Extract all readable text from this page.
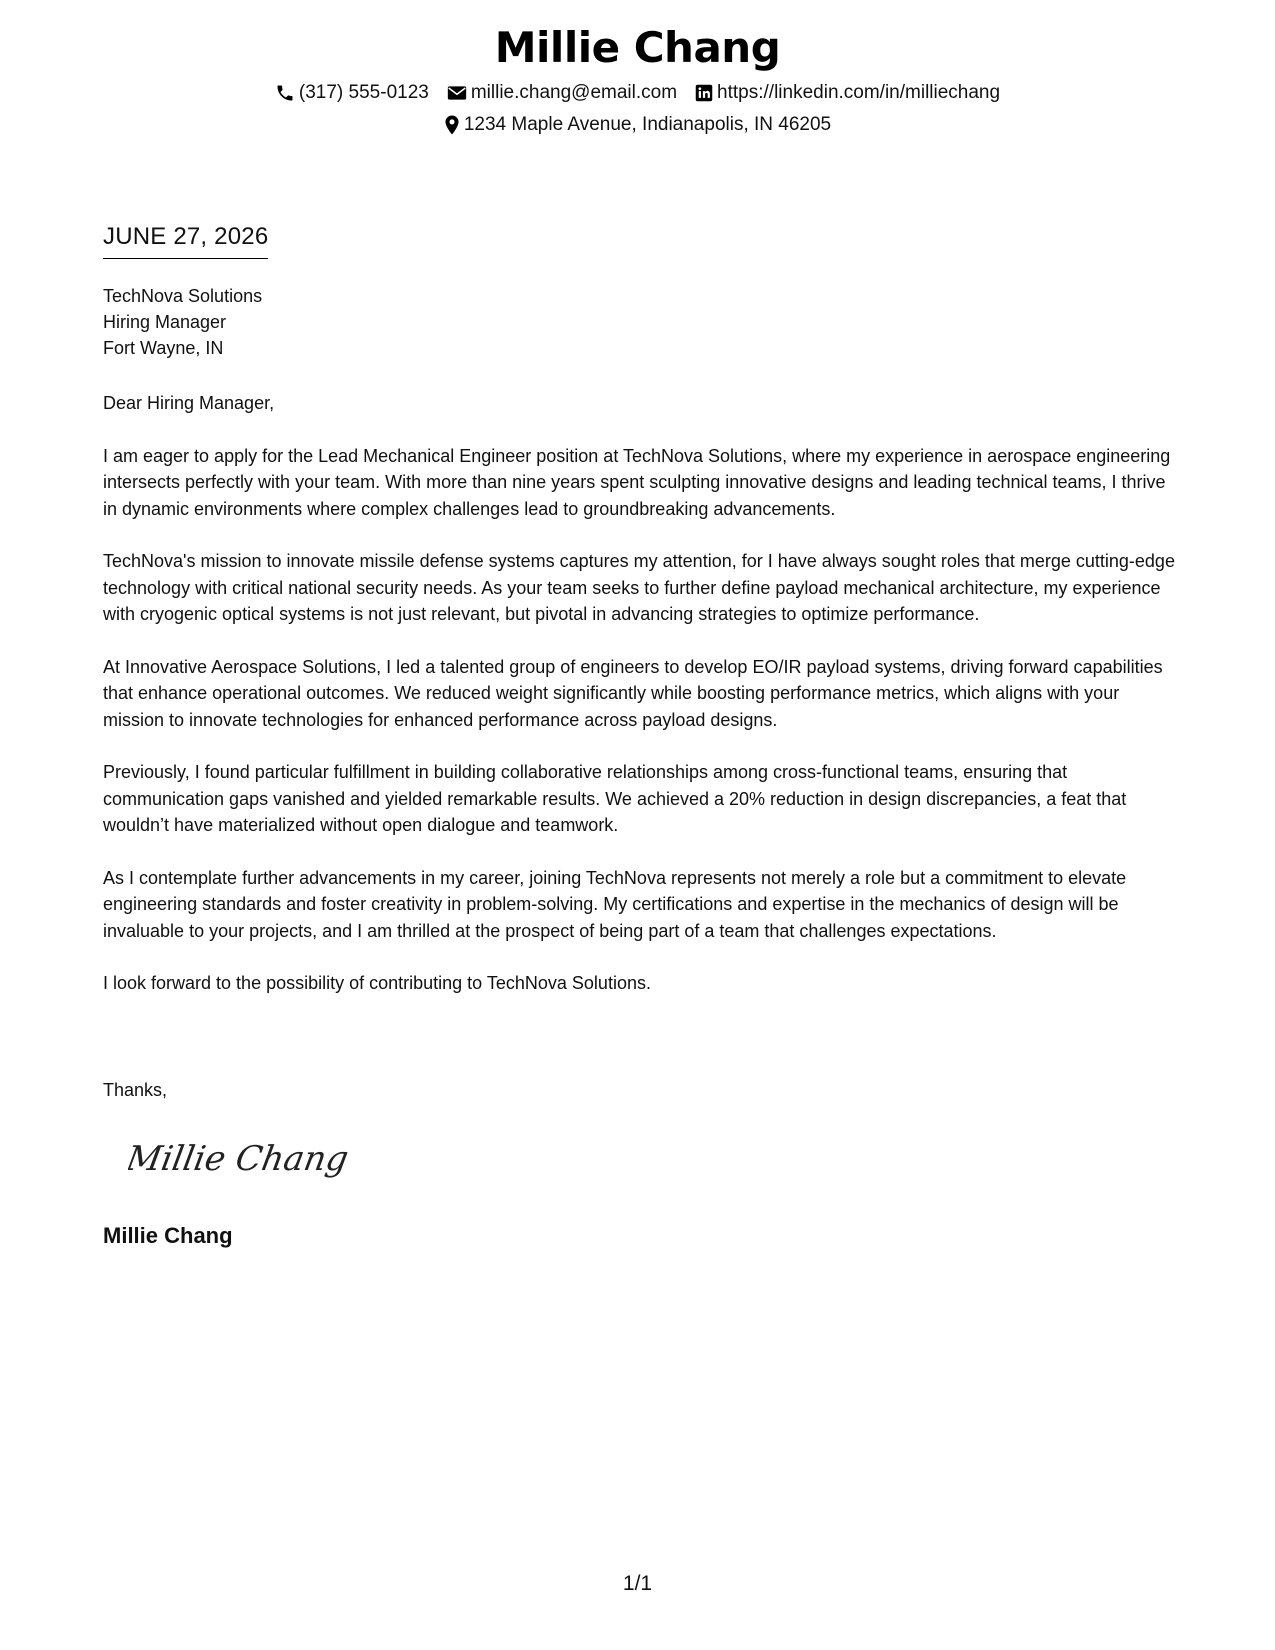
Millie Chang
(317) 555-0123 millie.chang@email.com https://linkedin.com/in/milliechang
1234 Maple Avenue, Indianapolis, IN 46205
JUNE 27, 2026
TechNova Solutions
Hiring Manager
Fort Wayne, IN

Dear Hiring Manager,

I am eager to apply for the Lead Mechanical Engineer position at TechNova Solutions, where my experience in aerospace engineering intersects perfectly with your team. With more than nine years spent sculpting innovative designs and leading technical teams, I thrive in dynamic environments where complex challenges lead to groundbreaking advancements.

TechNova's mission to innovate missile defense systems captures my attention, for I have always sought roles that merge cutting-edge technology with critical national security needs. As your team seeks to further define payload mechanical architecture, my experience with cryogenic optical systems is not just relevant, but pivotal in advancing strategies to optimize performance.

At Innovative Aerospace Solutions, I led a talented group of engineers to develop EO/IR payload systems, driving forward capabilities that enhance operational outcomes. We reduced weight significantly while boosting performance metrics, which aligns with your mission to innovate technologies for enhanced performance across payload designs.

Previously, I found particular fulfillment in building collaborative relationships among cross-functional teams, ensuring that communication gaps vanished and yielded remarkable results. We achieved a 20% reduction in design discrepancies, a feat that wouldn’t have materialized without open dialogue and teamwork.

As I contemplate further advancements in my career, joining TechNova represents not merely a role but a commitment to elevate engineering standards and foster creativity in problem-solving. My certifications and expertise in the mechanics of design will be invaluable to your projects, and I am thrilled at the prospect of being part of a team that challenges expectations.

I look forward to the possibility of contributing to TechNova Solutions.

Thanks,
Millie Chang
Millie Chang
1/1
